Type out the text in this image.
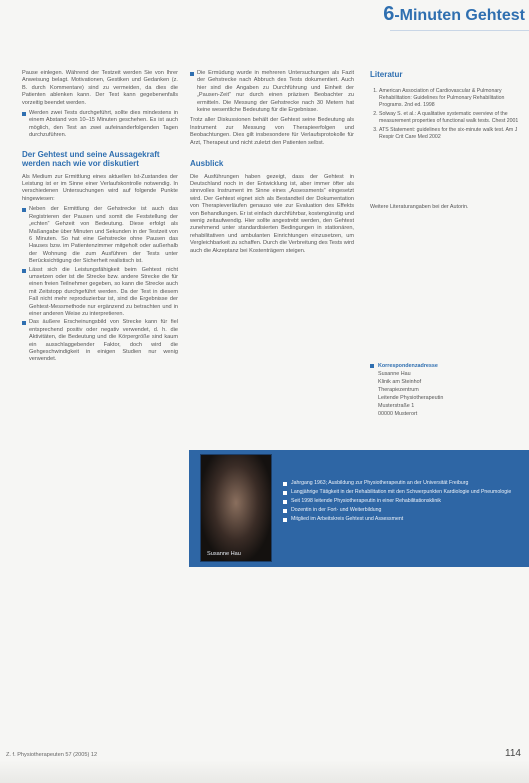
6-Minuten Gehtest

Pause einlegen. Während der Testzeit werden Sie von Ihrer Anweisung belagt. Motivationen, Gestiken und Gedanken (z. B. durch Kommentare) sind zu vermeiden, da dies die Patienten ablenken kann. Der Test kann gegebenenfalls vorzeitig beendet werden.

Werden zwei Tests durchgeführt, sollte dies mindestens in einem Abstand von 10–15 Minuten geschehen. Es ist auch möglich, den Test an zwei aufeinanderfolgenden Tagen durchzuführen.
Der Gehtest und seine Aussagekraft werden nach wie vor diskutiert

Als Medium zur Ermittlung eines aktuellen Ist-Zustandes der Leistung ist er im Sinne einer Verlaufskontrolle notwendig. In verschiedenen Untersuchungen wird auf folgende Punkte hingewiesen:

Neben der Ermittlung der Gehstrecke ist auch das Registrieren der Pausen und somit die Feststellung der „echten“ Gehzeit von Bedeutung. Diese erfolgt als Maßangabe über Minuten und Sekunden in der Testzeit von 6 Minuten. So hat eine Gehstrecke ohne Pausen das Hauses bzw. im Patientenzimmer mitgeholt oder außerhalb der Wohnung die zum Ausführen der Tests unter Berücksichtigung der Sicherheit realistisch ist.
Lässt sich die Leistungsfähigkeit beim Gehtest nicht umsetzen oder ist die Strecke bzw. andere Strecke die für einen freien Teilnehmer gegeben, so kann die Strecke auch mit Zeitstopp durchgeführt werden. Da der Test in diesem Fall nicht mehr reproduzierbar ist, sind die Ergebnisse der Gehtest-Messmethode nur ergänzend zu betrachten und in einer anderen Weise zu interpretieren.
Das äußere Erscheinungsbild von Strecke kann für fiel entsprechend positiv oder negativ verwendet, d. h. die Aktivitäten, die Bedeutung und die Körpergröße sind kaum ein ausschlaggebender Faktor, doch wird die Gehgeschwindigkeit in einigen Studien nur wenig verwendet.
Die Ermüdung wurde in mehreren Untersuchungen als Fazit der Gehstrecke nach Abbruch des Tests dokumentiert. Auch hier sind die Angaben zu Durchführung und Einheit der „Pausen-Zeit“ nur durch einen präzisen Beobachter zu ermitteln. Die Messung der Gehstrecke nach 30 Metern hat keine wesentliche Bedeutung für die Ergebnisse.

Trotz aller Diskussionen behält der Gehtest seine Bedeutung als Instrument zur Messung von Therapieerfolgen und Beobachtungen. Dies gilt insbesondere für Verlaufsprotokolle für Arzt, Therapeut und nicht zuletzt den Patienten selbst.

Ausblick

Die Ausführungen haben gezeigt, dass der Gehtest in Deutschland noch in der Entwicklung ist, aber immer öfter als sinnvolles Instrument im Sinne eines „Assessments“ eingesetzt wird. Der Gehtest eignet sich als Bestandteil der Dokumentation von Therapieverläufen genauso wie zur Evaluation des Effekts von Behandlungen. Er ist einfach durchführbar, kostengünstig und wenig zeitaufwendig. Hier sollte angestrebt werden, den Gehtest zunehmend unter standardisierten Bedingungen in stationären, rehabilitativen und ambulanten Einrichtungen einzusetzen, um Vergleichbarkeit zu schaffen. Durch die Verbreitung des Tests wird auch die Akzeptanz bei Kostenträgern steigen.

Literatur
1. American Association of Cardiovascular & Pulmonary Rehabilitation: Guidelines for Pulmonary Rehabilitation Programs. 2nd ed. 1998
2. Solway S. et al.: A qualitative systematic overview of the measurement properties of functional walk tests. Chest 2001
3. ATS Statement: guidelines for the six-minute walk test. Am J Respir Crit Care Med 2002
Weitere Literaturangaben bei der Autorin.
Korrespondenzadresse
Susanne Hau
Klinik am Steinhof
Therapiezentrum
Leitende Physiotherapeutin
Musterstraße 1
00000 Musterort
Susanne Hau
Jahrgang 1963; Ausbildung zur Physiotherapeutin an der Universität Freiburg
Langjährige Tätigkeit in der Rehabilitation mit den Schwerpunkten Kardiologie und Pneumologie
Seit 1998 leitende Physiotherapeutin in einer Rehabilitationsklinik
Dozentin in der Fort- und Weiterbildung
Mitglied im Arbeitskreis Gehtest und Assessment
Z. f. Physiotherapeuten 57 (2005) 12	114
